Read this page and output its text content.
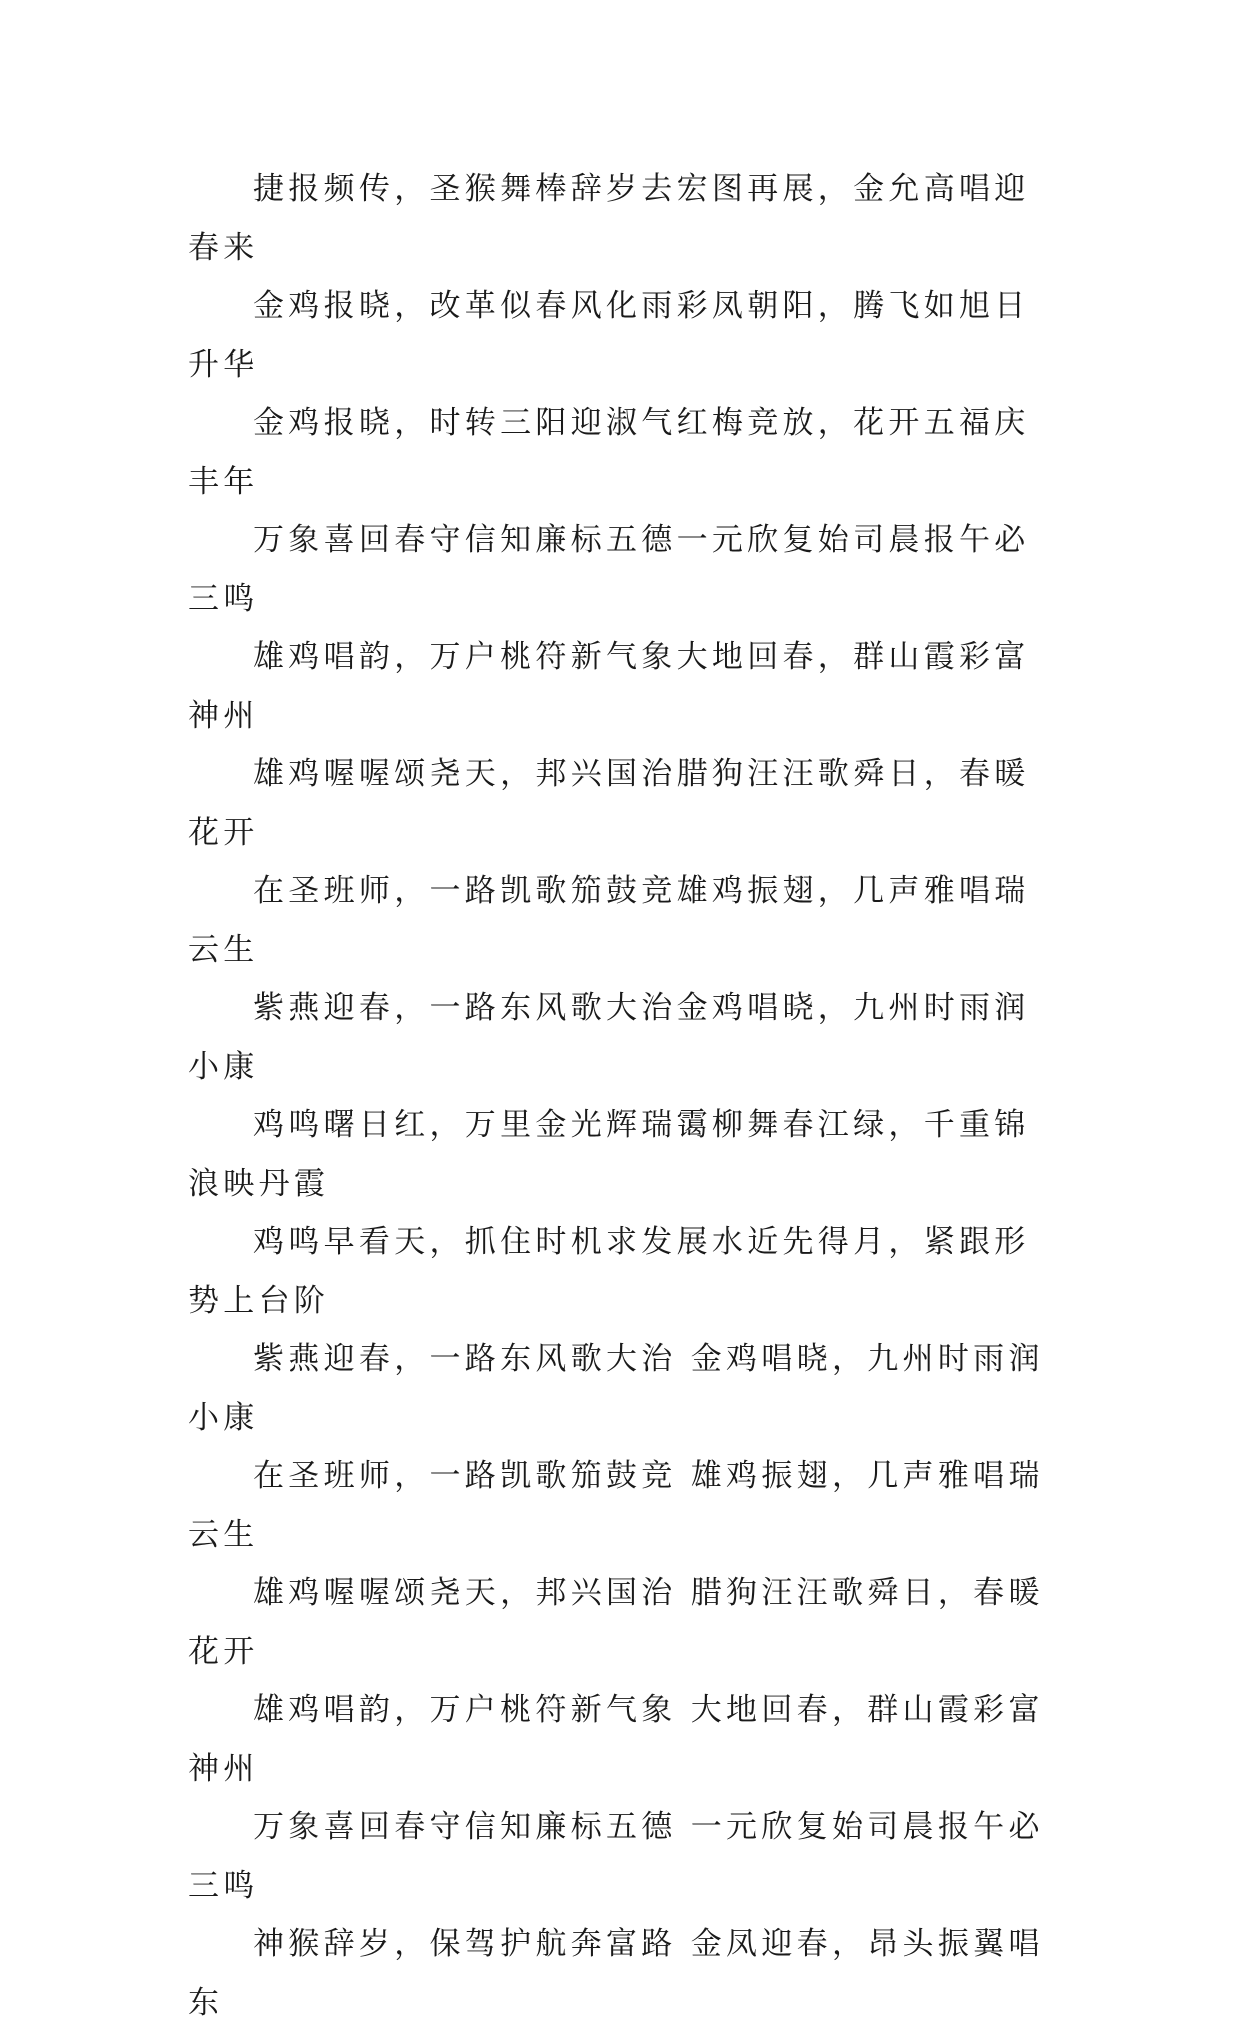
捷报频传，圣猴舞棒辞岁去宏图再展，金允高唱迎春来

金鸡报晓，改革似春风化雨彩凤朝阳，腾飞如旭日升华

金鸡报晓，时转三阳迎淑气红梅竞放，花开五福庆丰年

万象喜回春守信知廉标五德一元欣复始司晨报午必三鸣

雄鸡唱韵，万户桃符新气象大地回春，群山霞彩富神州

雄鸡喔喔颂尧天，邦兴国治腊狗汪汪歌舜日，春暖花开

在圣班师，一路凯歌笳鼓竞雄鸡振翅，几声雅唱瑞云生

紫燕迎春，一路东风歌大治金鸡唱晓，九州时雨润小康

鸡鸣曙日红，万里金光辉瑞霭柳舞春江绿，千重锦浪映丹霞

鸡鸣早看天，抓住时机求发展水近先得月，紧跟形势上台阶

紫燕迎春，一路东风歌大治 金鸡唱晓，九州时雨润小康

在圣班师，一路凯歌笳鼓竞 雄鸡振翅，几声雅唱瑞云生

雄鸡喔喔颂尧天，邦兴国治 腊狗汪汪歌舜日，春暖花开

雄鸡唱韵，万户桃符新气象 大地回春，群山霞彩富神州

万象喜回春守信知廉标五德 一元欣复始司晨报午必三鸣

神猴辞岁，保驾护航奔富路 金凤迎春，昂头振翼唱东
